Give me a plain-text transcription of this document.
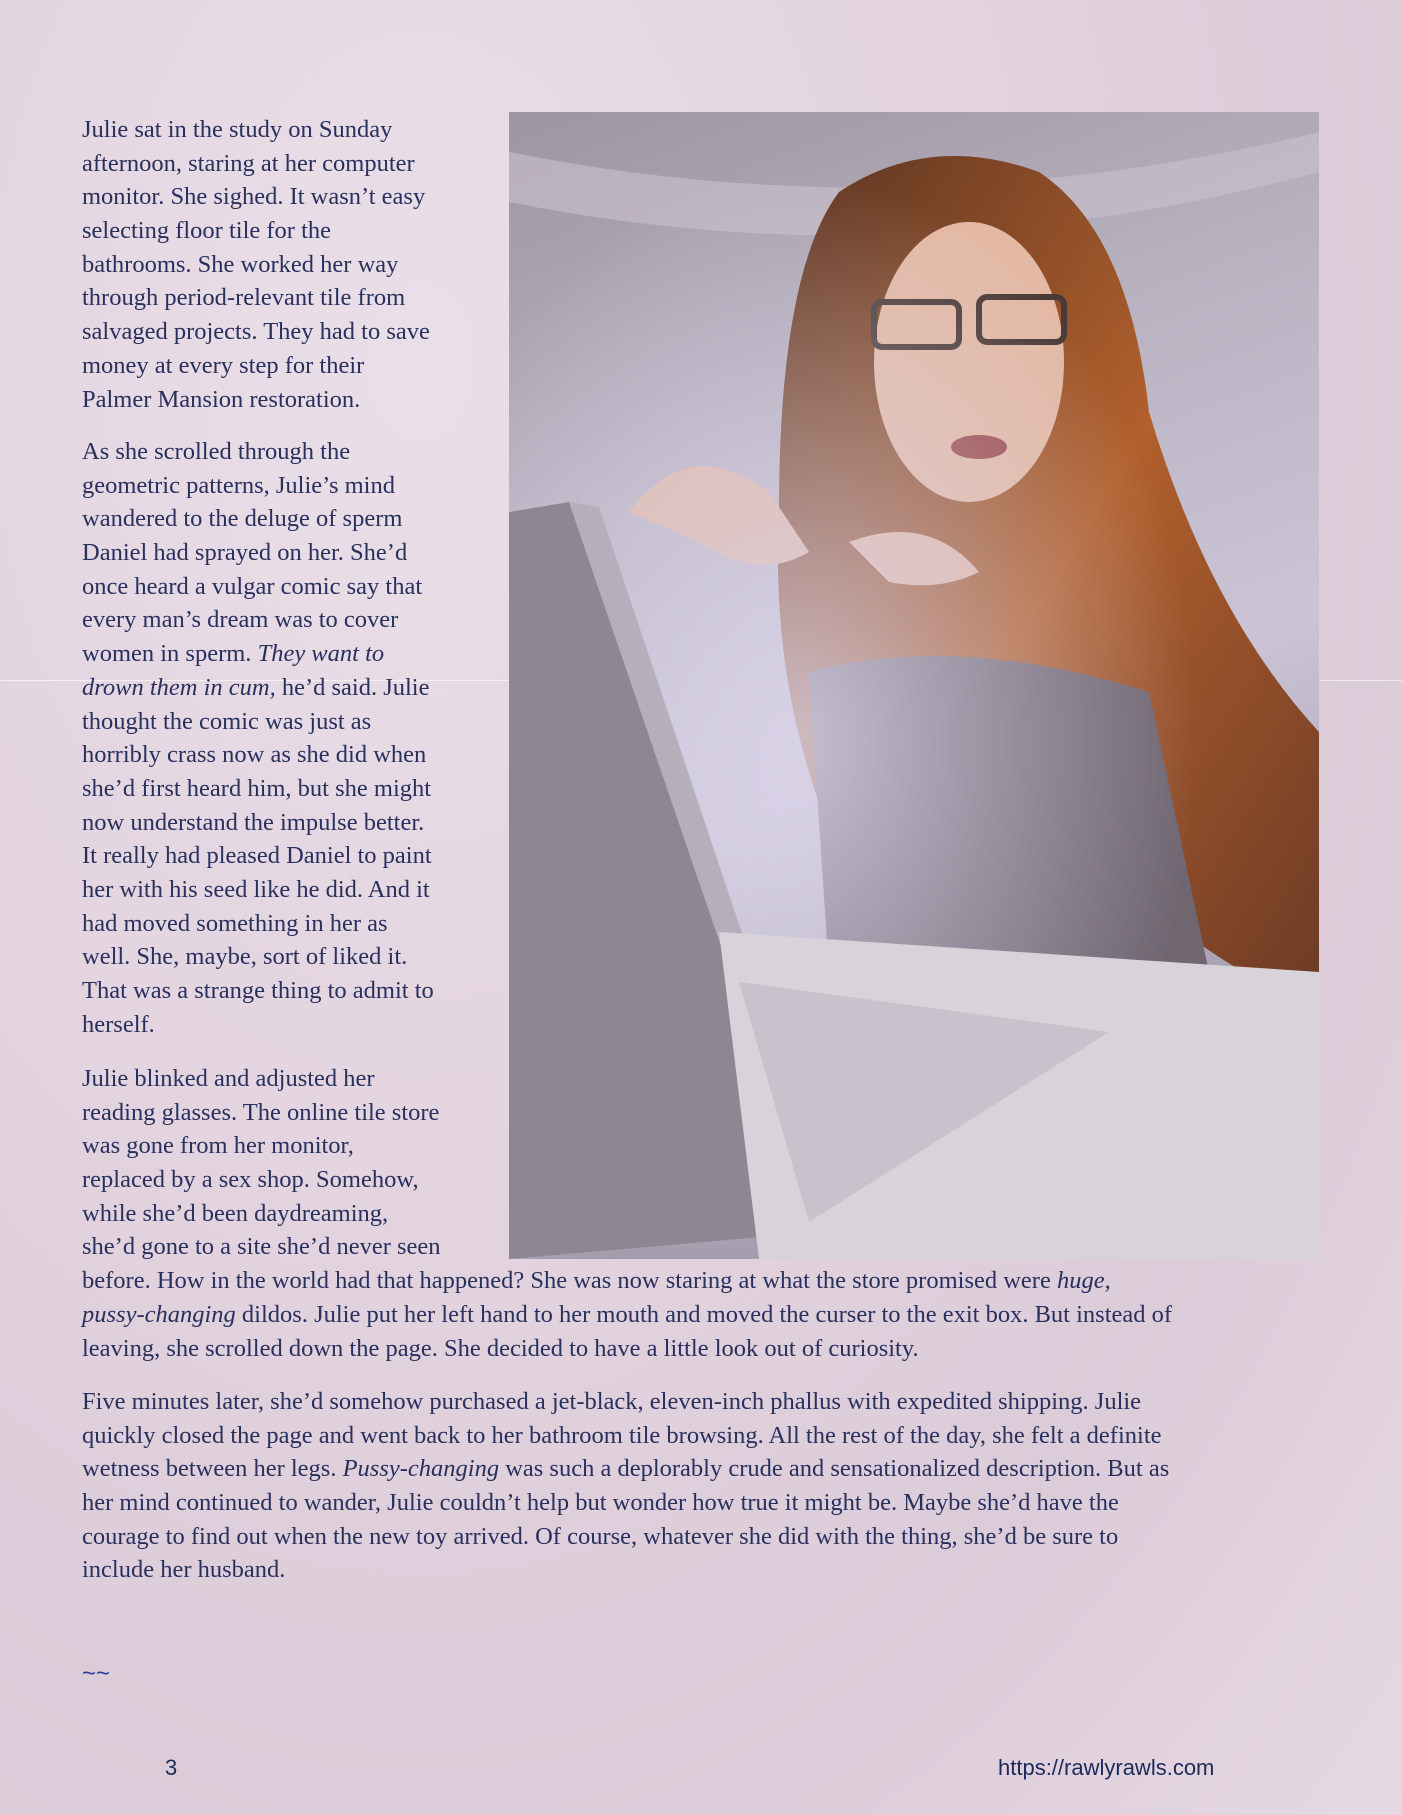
Julie sat in the study on Sunday
afternoon, staring at her computer
monitor. She sighed. It wasn’t easy
selecting floor tile for the
bathrooms. She worked her way
through period-relevant tile from
salvaged projects. They had to save
money at every step for their
Palmer Mansion restoration.
As she scrolled through the
geometric patterns, Julie’s mind
wandered to the deluge of sperm
Daniel had sprayed on her. She’d
once heard a vulgar comic say that
every man’s dream was to cover
women in sperm. They want to
drown them in cum, he’d said. Julie
thought the comic was just as
horribly crass now as she did when
she’d first heard him, but she might
now understand the impulse better.
It really had pleased Daniel to paint
her with his seed like he did. And it
had moved something in her as
well. She, maybe, sort of liked it.
That was a strange thing to admit to
herself.
Julie blinked and adjusted her
reading glasses. The online tile store
was gone from her monitor,
replaced by a sex shop. Somehow,
while she’d been daydreaming,
she’d gone to a site she’d never seen
before. How in the world had that happened? She was now staring at what the store promised were huge,
pussy-changing dildos. Julie put her left hand to her mouth and moved the curser to the exit box. But instead of
leaving, she scrolled down the page. She decided to have a little look out of curiosity.
Five minutes later, she’d somehow purchased a jet-black, eleven-inch phallus with expedited shipping. Julie
quickly closed the page and went back to her bathroom tile browsing. All the rest of the day, she felt a definite
wetness between her legs. Pussy-changing was such a deplorably crude and sensationalized description. But as
her mind continued to wander, Julie couldn’t help but wonder how true it might be. Maybe she’d have the
courage to find out when the new toy arrived. Of course, whatever she did with the thing, she’d be sure to
include her husband.
~~
3	https://rawlyrawls.com
